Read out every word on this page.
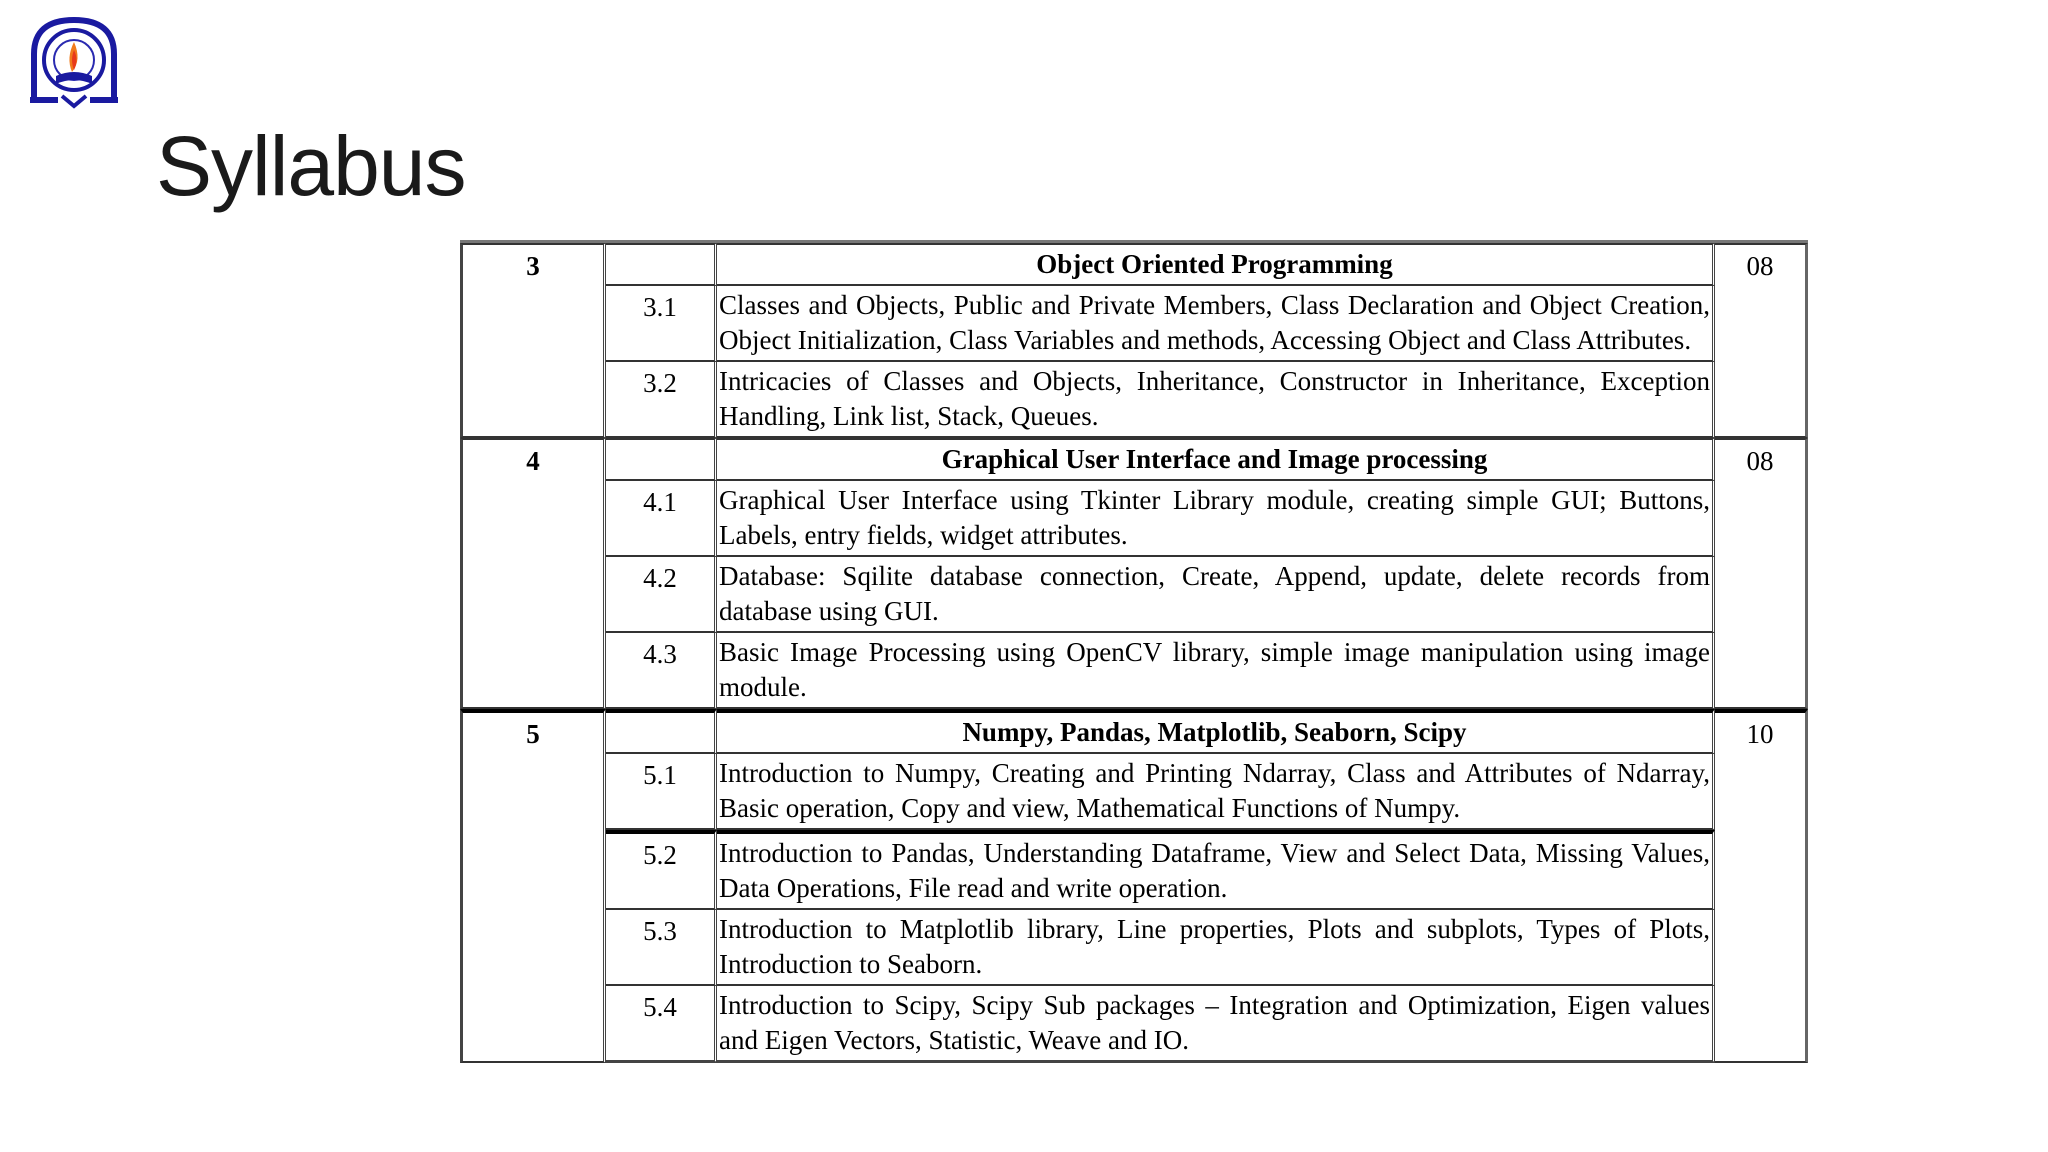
Syllabus
3		Object Oriented Programming	08
	3.1	Classes and Objects, Public and Private Members, Class Declaration and Object Creation, Object Initialization, Class Variables and methods, Accessing Object and Class Attributes.	
	3.2	Intricacies of Classes and Objects, Inheritance, Constructor in Inheritance, Exception Handling, Link list, Stack, Queues.	
4		Graphical User Interface and Image processing	08
	4.1	Graphical User Interface using Tkinter Library module, creating simple GUI; Buttons, Labels, entry fields, widget attributes.	
	4.2	Database: Sqilite database connection, Create, Append, update, delete records from database using GUI.	
	4.3	Basic Image Processing using OpenCV library, simple image manipulation using image module.	
5		Numpy, Pandas, Matplotlib, Seaborn, Scipy	10
	5.1	Introduction to Numpy, Creating and Printing Ndarray, Class and Attributes of Ndarray, Basic operation, Copy and view, Mathematical Functions of Numpy.	
	5.2	Introduction to Pandas, Understanding Dataframe, View and Select Data, Missing Values, Data Operations, File read and write operation.	
	5.3	Introduction to Matplotlib library, Line properties, Plots and subplots, Types of Plots, Introduction to Seaborn.	
	5.4	Introduction to Scipy, Scipy Sub packages – Integration and Optimization, Eigen values and Eigen Vectors, Statistic, Weave and IO.	
